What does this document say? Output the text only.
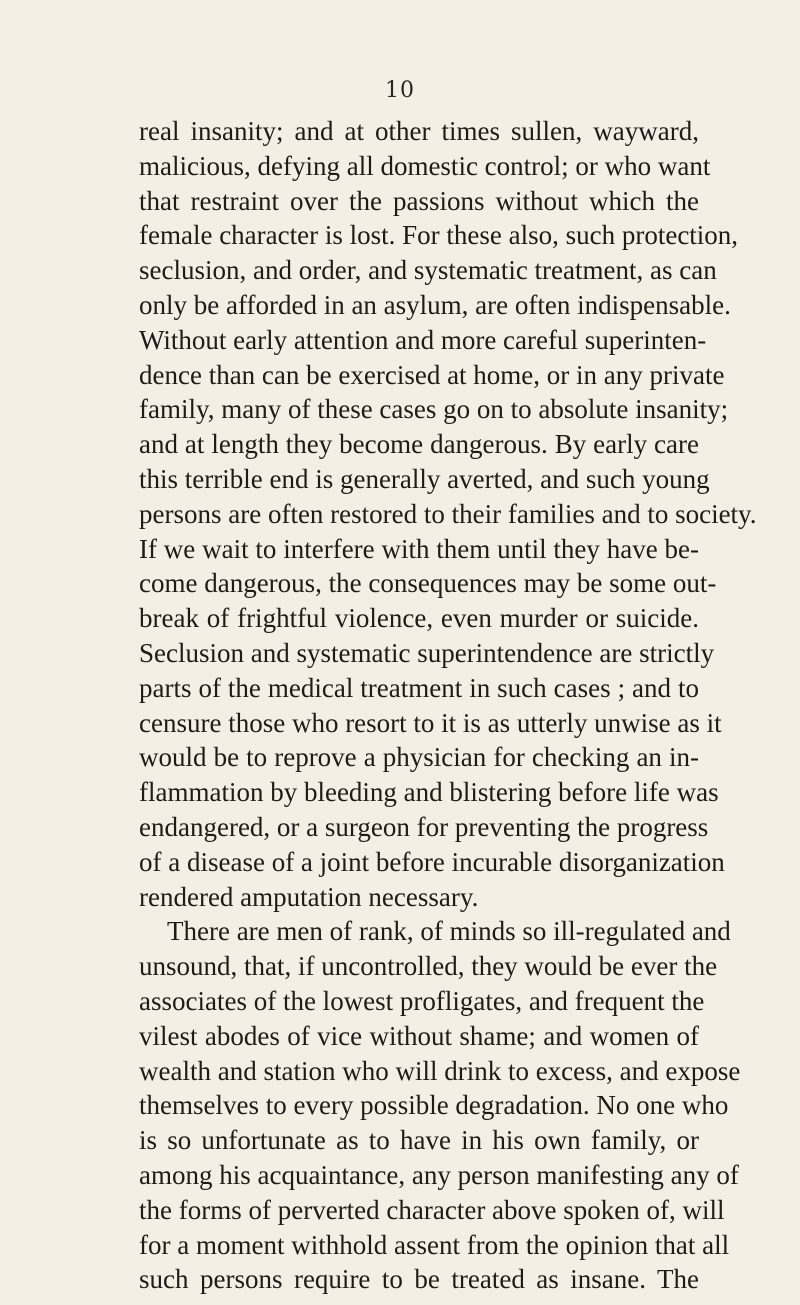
10
real insanity; and at other times sullen, wayward,
malicious, defying all domestic control; or who want
that restraint over the passions without which the
female character is lost. For these also, such protection,
seclusion, and order, and systematic treatment, as can
only be afforded in an asylum, are often indispensable.
Without early attention and more careful superinten-
dence than can be exercised at home, or in any private
family, many of these cases go on to absolute insanity;
and at length they become dangerous. By early care
this terrible end is generally averted, and such young
persons are often restored to their families and to society.
If we wait to interfere with them until they have be-
come dangerous, the consequences may be some out-
break of frightful violence, even murder or suicide.
Seclusion and systematic superintendence are strictly
parts of the medical treatment in such cases ; and to
censure those who resort to it is as utterly unwise as it
would be to reprove a physician for checking an in-
flammation by bleeding and blistering before life was
endangered, or a surgeon for preventing the progress
of a disease of a joint before incurable disorganization
rendered amputation necessary.
There are men of rank, of minds so ill-regulated and
unsound, that, if uncontrolled, they would be ever the
associates of the lowest profligates, and frequent the
vilest abodes of vice without shame; and women of
wealth and station who will drink to excess, and expose
themselves to every possible degradation. No one who
is so unfortunate as to have in his own family, or
among his acquaintance, any person manifesting any of
the forms of perverted character above spoken of, will
for a moment withhold assent from the opinion that all
such persons require to be treated as insane. The
